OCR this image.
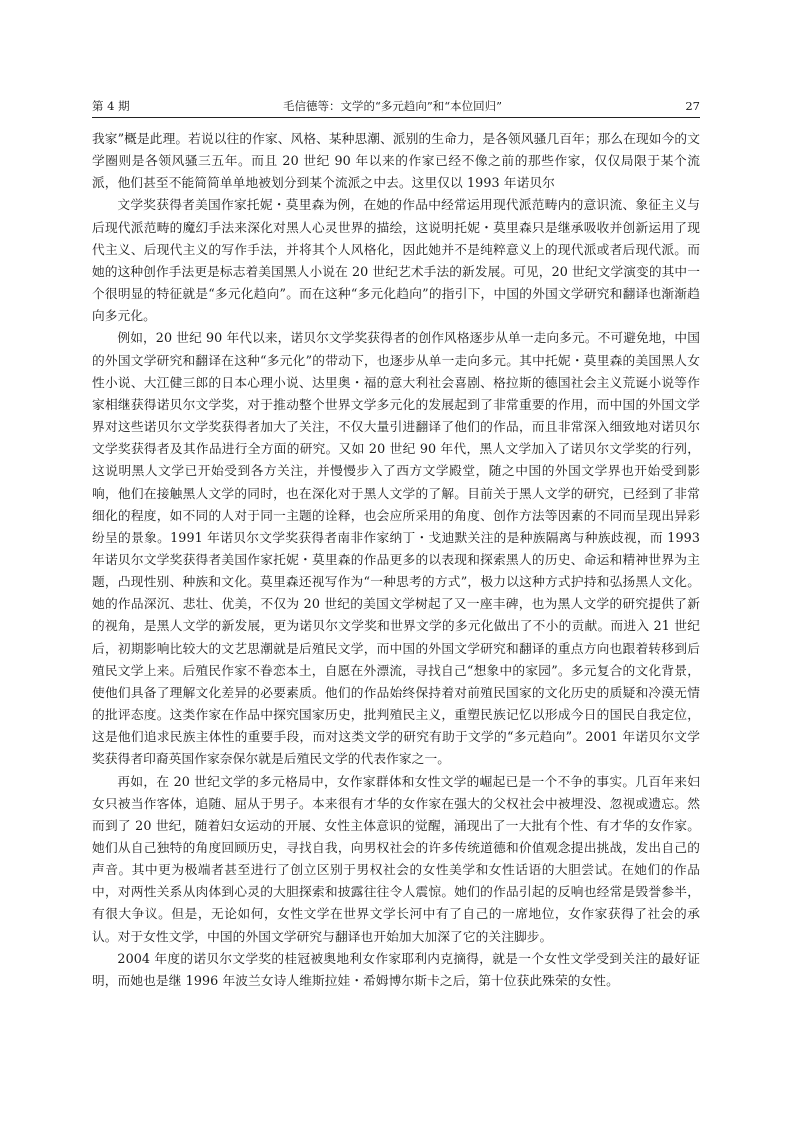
第 4 期	毛信德等：文学的“多元趋向”和“本位回归”	27

我家”概是此理。若说以往的作家、风格、某种思潮、派别的生命力，是各领风骚几百年；那么在现如今的文学圈则是各领风骚三五年。而且 20 世纪 90 年以来的作家已经不像之前的那些作家，仅仅局限于某个流派，他们甚至不能简简单单地被划分到某个流派之中去。这里仅以 1993 年诺贝尔

文学奖获得者美国作家托妮・莫里森为例，在她的作品中经常运用现代派范畴内的意识流、象征主义与后现代派范畴的魔幻手法来深化对黑人心灵世界的描绘，这说明托妮・莫里森只是继承吸收并创新运用了现代主义、后现代主义的写作手法，并将其个人风格化，因此她并不是纯粹意义上的现代派或者后现代派。而她的这种创作手法更是标志着美国黑人小说在 20 世纪艺术手法的新发展。可见，20 世纪文学演变的其中一个很明显的特征就是“多元化趋向”。而在这种“多元化趋向”的指引下，中国的外国文学研究和翻译也渐渐趋向多元化。

例如，20 世纪 90 年代以来，诺贝尔文学奖获得者的创作风格逐步从单一走向多元。不可避免地，中国的外国文学研究和翻译在这种“多元化”的带动下，也逐步从单一走向多元。其中托妮・莫里森的美国黑人女性小说、大江健三郎的日本心理小说、达里奥・福的意大利社会喜剧、格拉斯的德国社会主义荒诞小说等作家相继获得诺贝尔文学奖，对于推动整个世界文学多元化的发展起到了非常重要的作用，而中国的外国文学界对这些诺贝尔文学奖获得者加大了关注，不仅大量引进翻译了他们的作品，而且非常深入细致地对诺贝尔文学奖获得者及其作品进行全方面的研究。又如 20 世纪 90 年代，黑人文学加入了诺贝尔文学奖的行列，这说明黑人文学已开始受到各方关注，并慢慢步入了西方文学殿堂，随之中国的外国文学界也开始受到影响，他们在接触黑人文学的同时，也在深化对于黑人文学的了解。目前关于黑人文学的研究，已经到了非常细化的程度，如不同的人对于同一主题的诠释，也会应所采用的角度、创作方法等因素的不同而呈现出异彩纷呈的景象。1991 年诺贝尔文学奖获得者南非作家纳丁・戈迪默关注的是种族隔离与种族歧视，而 1993 年诺贝尔文学奖获得者美国作家托妮・莫里森的作品更多的以表现和探索黑人的历史、命运和精神世界为主题，凸现性别、种族和文化。莫里森还视写作为“一种思考的方式”，极力以这种方式护持和弘扬黑人文化。她的作品深沉、悲壮、优美，不仅为 20 世纪的美国文学树起了又一座丰碑，也为黑人文学的研究提供了新的视角，是黑人文学的新发展，更为诺贝尔文学奖和世界文学的多元化做出了不小的贡献。而进入 21 世纪后，初期影响比较大的文艺思潮就是后殖民文学，而中国的外国文学研究和翻译的重点方向也跟着转移到后殖民文学上来。后殖民作家不眷恋本土，自愿在外漂流，寻找自己“想象中的家园”。多元复合的文化背景，使他们具备了理解文化差异的必要素质。他们的作品始终保持着对前殖民国家的文化历史的质疑和冷漠无情的批评态度。这类作家在作品中探究国家历史，批判殖民主义，重塑民族记忆以形成今日的国民自我定位，这是他们追求民族主体性的重要手段，而对这类文学的研究有助于文学的“多元趋向”。2001 年诺贝尔文学奖获得者印裔英国作家奈保尔就是后殖民文学的代表作家之一。

再如，在 20 世纪文学的多元格局中，女作家群体和女性文学的崛起已是一个不争的事实。几百年来妇女只被当作客体，追随、屈从于男子。本来很有才华的女作家在强大的父权社会中被埋没、忽视或遗忘。然而到了 20 世纪，随着妇女运动的开展、女性主体意识的觉醒，涌现出了一大批有个性、有才华的女作家。她们从自己独特的角度回顾历史，寻找自我，向男权社会的许多传统道德和价值观念提出挑战，发出自己的声音。其中更为极端者甚至进行了创立区别于男权社会的女性美学和女性话语的大胆尝试。在她们的作品中，对两性关系从肉体到心灵的大胆探索和披露往往令人震惊。她们的作品引起的反响也经常是毁誉参半，有很大争议。但是，无论如何，女性文学在世界文学长河中有了自己的一席地位，女作家获得了社会的承认。对于女性文学，中国的外国文学研究与翻译也开始加大加深了它的关注脚步。

2004 年度的诺贝尔文学奖的桂冠被奥地利女作家耶利内克摘得，就是一个女性文学受到关注的最好证明，而她也是继 1996 年波兰女诗人维斯拉娃・希姆博尔斯卡之后，第十位获此殊荣的女性。
